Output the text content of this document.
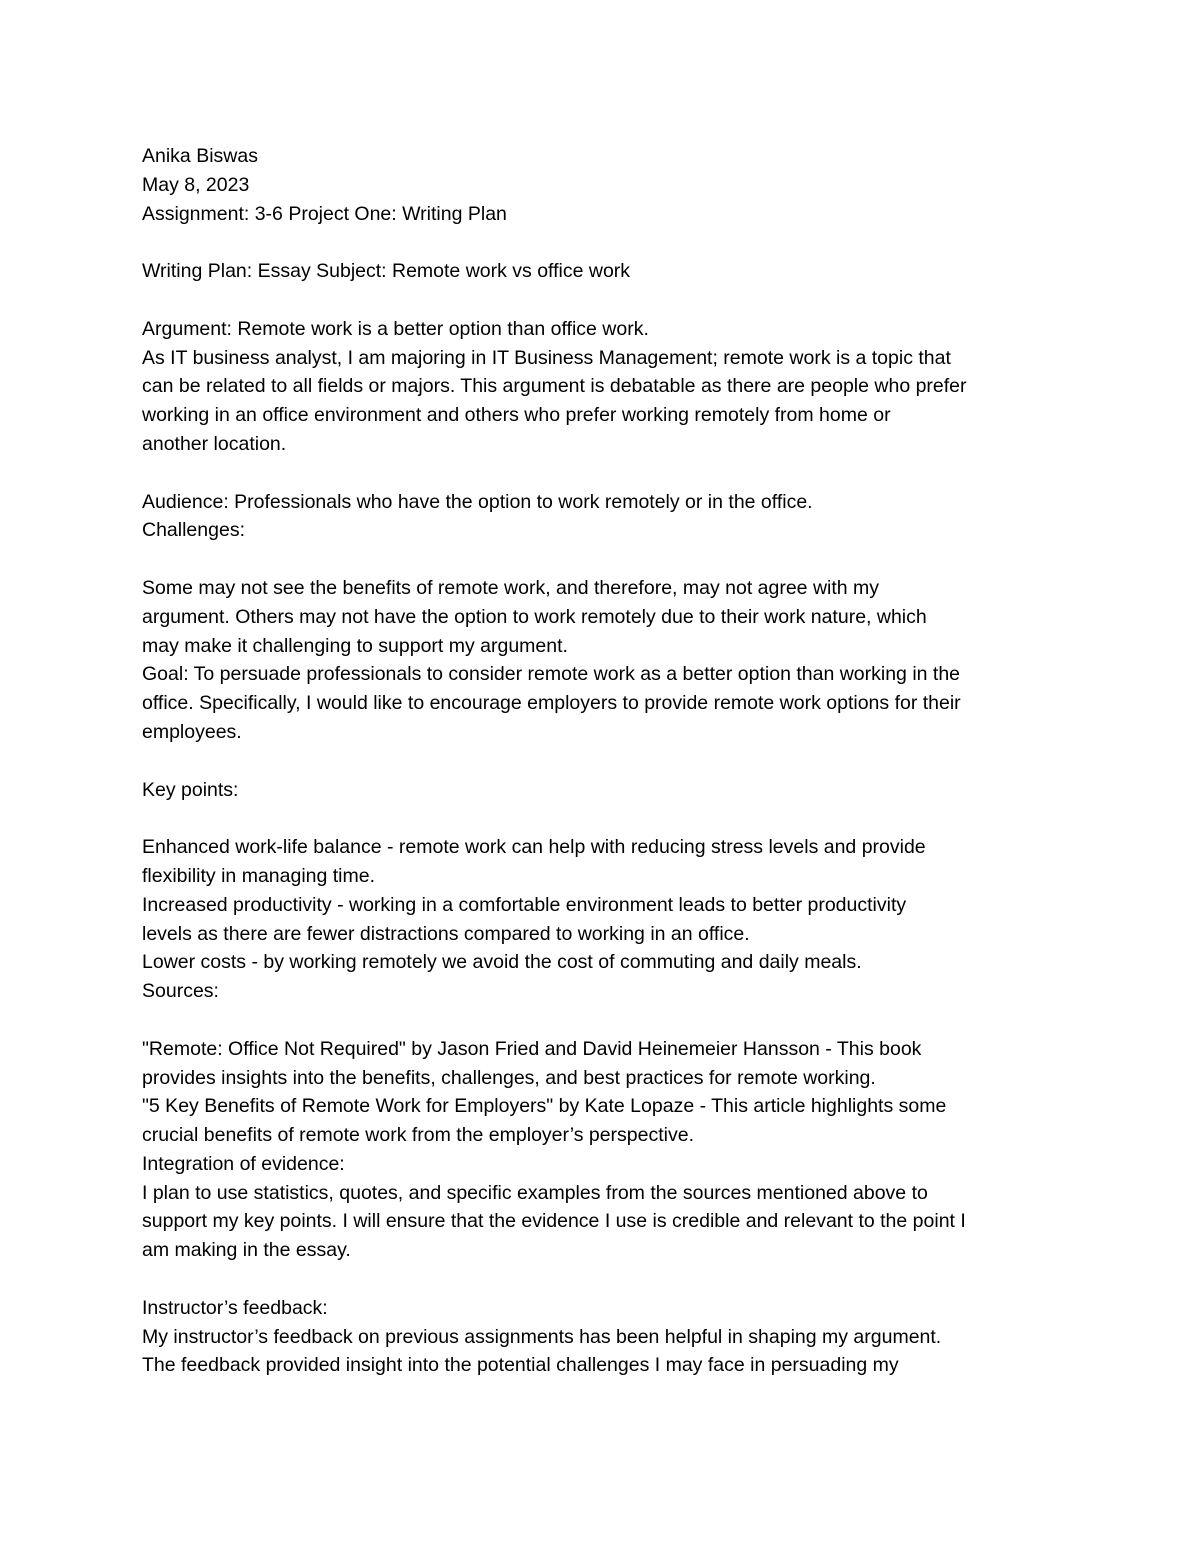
Anika Biswas
May 8, 2023
Assignment: 3-6 Project One: Writing Plan
Writing Plan: Essay Subject: Remote work vs office work
Argument: Remote work is a better option than office work.
As IT business analyst, I am majoring in IT Business Management; remote work is a topic that
can be related to all fields or majors. This argument is debatable as there are people who prefer
working in an office environment and others who prefer working remotely from home or
another location.
Audience: Professionals who have the option to work remotely or in the office.
Challenges:
Some may not see the benefits of remote work, and therefore, may not agree with my
argument. Others may not have the option to work remotely due to their work nature, which
may make it challenging to support my argument.
Goal: To persuade professionals to consider remote work as a better option than working in the
office. Specifically, I would like to encourage employers to provide remote work options for their
employees.
Key points:
Enhanced work-life balance - remote work can help with reducing stress levels and provide
flexibility in managing time.
Increased productivity - working in a comfortable environment leads to better productivity
levels as there are fewer distractions compared to working in an office.
Lower costs - by working remotely we avoid the cost of commuting and daily meals.
Sources:
"Remote: Office Not Required" by Jason Fried and David Heinemeier Hansson - This book
provides insights into the benefits, challenges, and best practices for remote working.
"5 Key Benefits of Remote Work for Employers" by Kate Lopaze - This article highlights some
crucial benefits of remote work from the employer’s perspective.
Integration of evidence:
I plan to use statistics, quotes, and specific examples from the sources mentioned above to
support my key points. I will ensure that the evidence I use is credible and relevant to the point I
am making in the essay.
Instructor’s feedback:
My instructor’s feedback on previous assignments has been helpful in shaping my argument.
The feedback provided insight into the potential challenges I may face in persuading my
